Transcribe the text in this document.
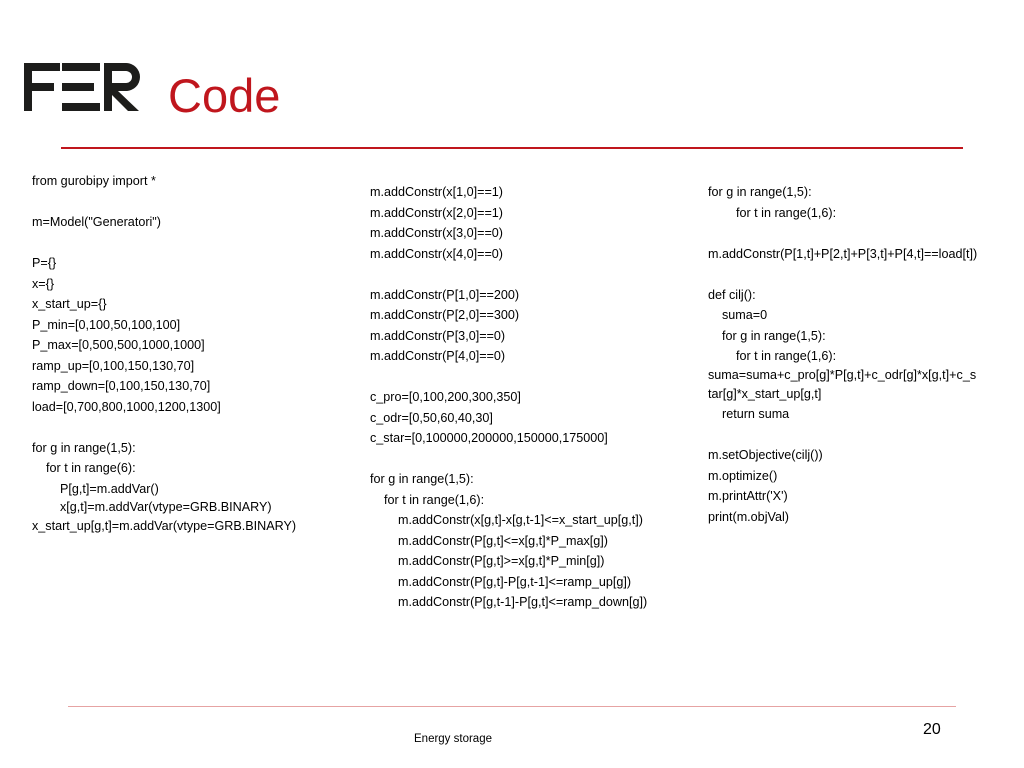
Code
from gurobipy import *
m=Model("Generatori")
P={}
x={}
x_start_up={}
P_min=[0,100,50,100,100]
P_max=[0,500,500,1000,1000]
ramp_up=[0,100,150,130,70]
ramp_down=[0,100,150,130,70]
load=[0,700,800,1000,1200,1300]
for g in range(1,5):
for t in range(6):
P[g,t]=m.addVar()
x[g,t]=m.addVar(vtype=GRB.BINARY)
x_start_up[g,t]=m.addVar(vtype=GRB.BINARY)
m.addConstr(x[1,0]==1)
m.addConstr(x[2,0]==1)
m.addConstr(x[3,0]==0)
m.addConstr(x[4,0]==0)
m.addConstr(P[1,0]==200)
m.addConstr(P[2,0]==300)
m.addConstr(P[3,0]==0)
m.addConstr(P[4,0]==0)
c_pro=[0,100,200,300,350]
c_odr=[0,50,60,40,30]
c_star=[0,100000,200000,150000,175000]
for g in range(1,5):
for t in range(1,6):
m.addConstr(x[g,t]-x[g,t-1]<=x_start_up[g,t])
m.addConstr(P[g,t]<=x[g,t]*P_max[g])
m.addConstr(P[g,t]>=x[g,t]*P_min[g])
m.addConstr(P[g,t]-P[g,t-1]<=ramp_up[g])
m.addConstr(P[g,t-1]-P[g,t]<=ramp_down[g])
for g in range(1,5):
for t in range(1,6):
m.addConstr(P[1,t]+P[2,t]+P[3,t]+P[4,t]==load[t])
def cilj():
suma=0
for g in range(1,5):
for t in range(1,6):
suma=suma+c_pro[g]*P[g,t]+c_odr[g]*x[g,t]+c_s
tar[g]*x_start_up[g,t]
return suma
m.setObjective(cilj())
m.optimize()
m.printAttr('X')
print(m.objVal)
Energy storage
20
